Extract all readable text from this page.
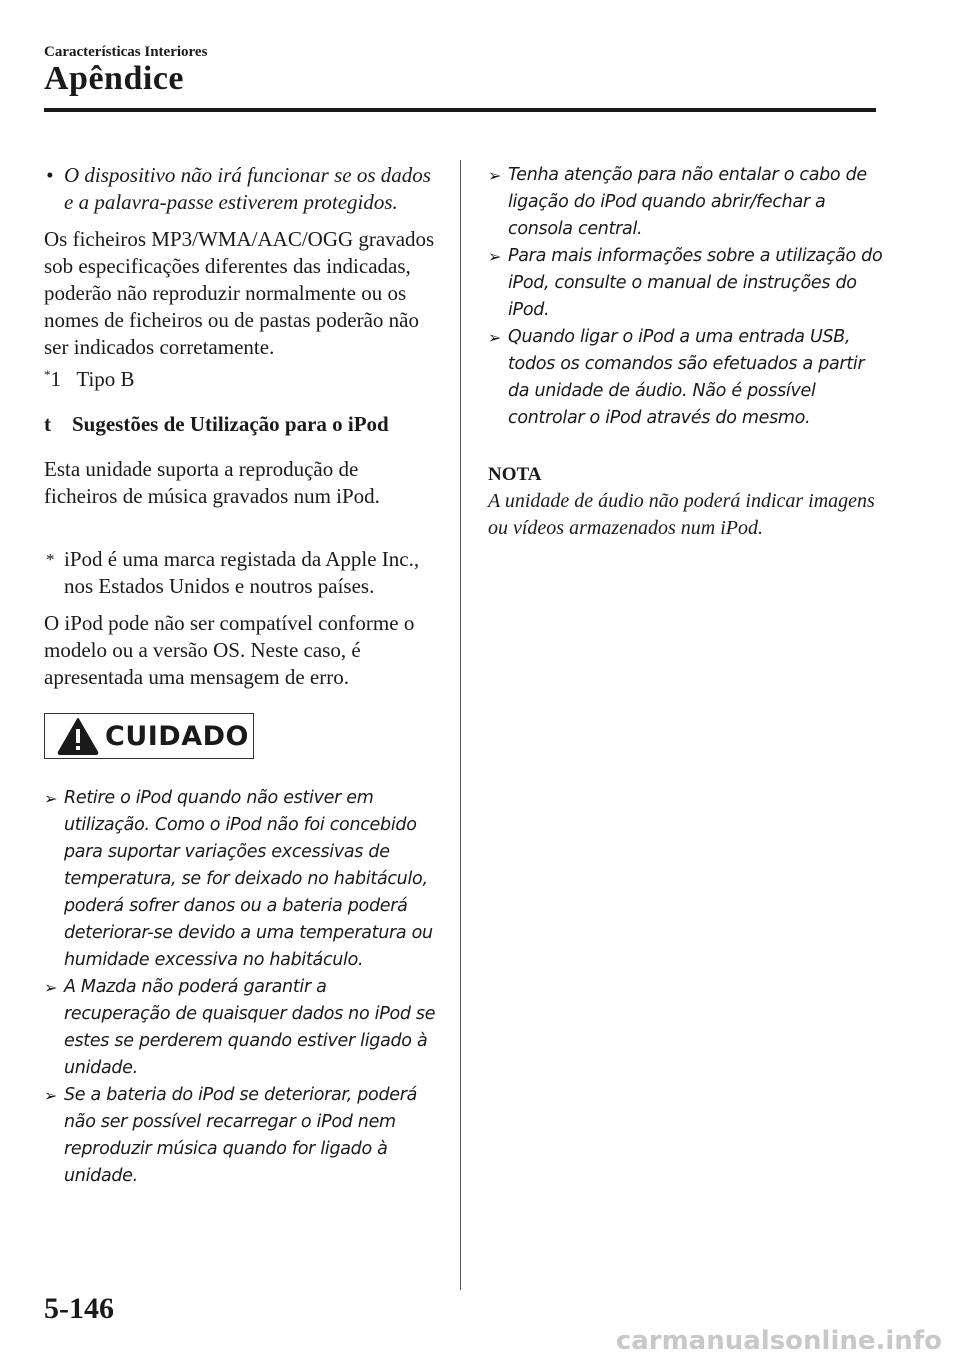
Características Interiores
Apêndice
• O dispositivo não irá funcionar se os dados e a palavra-passe estiverem protegidos.

Os ficheiros MP3/WMA/AAC/OGG gravados sob especificações diferentes das indicadas, poderão não reproduzir normalmente ou os nomes de ficheiros ou de pastas poderão não ser indicados corretamente.

*1   Tipo B
t Sugestões de Utilização para o iPod

Esta unidade suporta a reprodução de ficheiros de música gravados num iPod.

* iPod é uma marca registada da Apple Inc., nos Estados Unidos e noutros países.

O iPod pode não ser compatível conforme o modelo ou a versão OS. Neste caso, é apresentada uma mensagem de erro.

CUIDADO
➢ Retire o iPod quando não estiver em utilização. Como o iPod não foi concebido para suportar variações excessivas de temperatura, se for deixado no habitáculo, poderá sofrer danos ou a bateria poderá deteriorar-se devido a uma temperatura ou humidade excessiva no habitáculo.
➢ A Mazda não poderá garantir a recuperação de quaisquer dados no iPod se estes se perderem quando estiver ligado à unidade.
➢ Se a bateria do iPod se deteriorar, poderá não ser possível recarregar o iPod nem reproduzir música quando for ligado à unidade.
➢ Tenha atenção para não entalar o cabo de ligação do iPod quando abrir/fechar a consola central.
➢ Para mais informações sobre a utilização do iPod, consulte o manual de instruções do iPod.
➢ Quando ligar o iPod a uma entrada USB, todos os comandos são efetuados a partir da unidade de áudio. Não é possível controlar o iPod através do mesmo.
NOTA

A unidade de áudio não poderá indicar imagens ou vídeos armazenados num iPod.

5-146
carmanualsonline.info
